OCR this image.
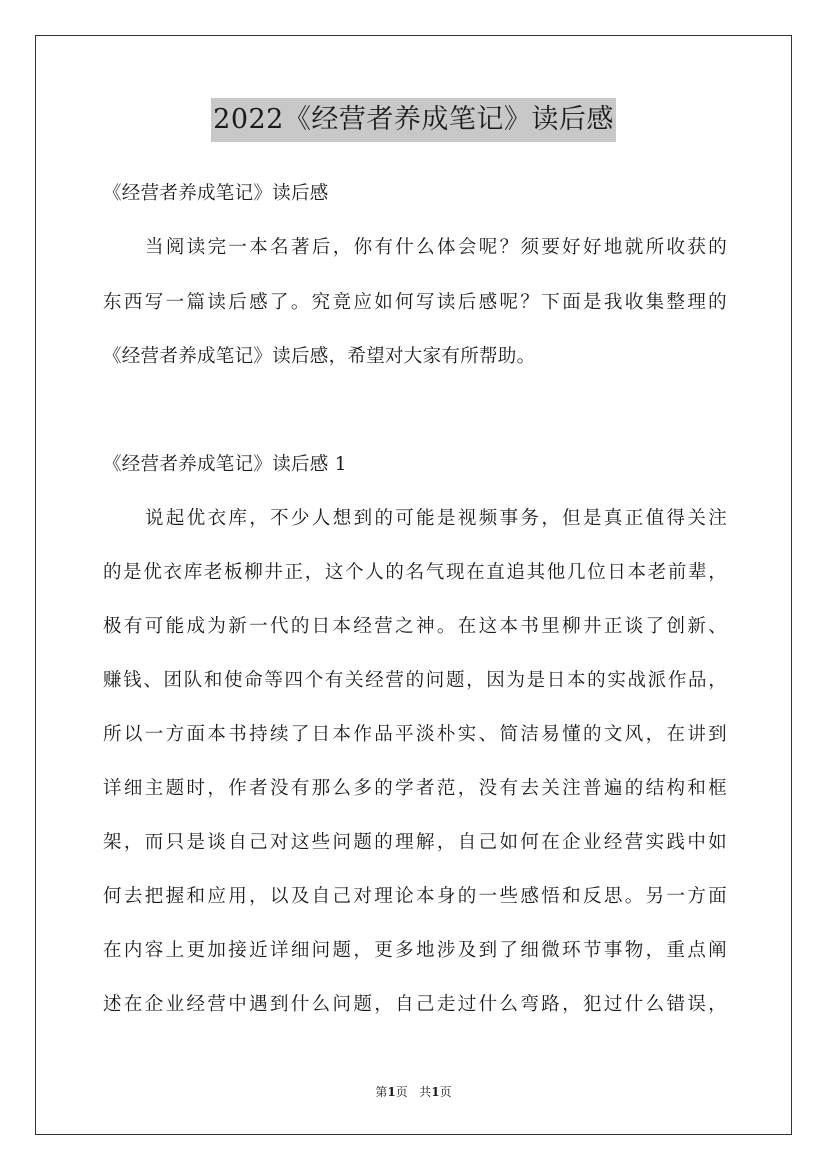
2022《经营者养成笔记》读后感
《经营者养成笔记》读后感
当阅读完一本名著后，你有什么体会呢？须要好好地就所收获的
东西写一篇读后感了。究竟应如何写读后感呢？下面是我收集整理的
《经营者养成笔记》读后感，希望对大家有所帮助。
《经营者养成笔记》读后感 1
说起优衣库，不少人想到的可能是视频事务，但是真正值得关注
的是优衣库老板柳井正，这个人的名气现在直追其他几位日本老前辈，
极有可能成为新一代的日本经营之神。在这本书里柳井正谈了创新、
赚钱、团队和使命等四个有关经营的问题，因为是日本的实战派作品，
所以一方面本书持续了日本作品平淡朴实、简洁易懂的文风，在讲到
详细主题时，作者没有那么多的学者范，没有去关注普遍的结构和框
架，而只是谈自己对这些问题的理解，自己如何在企业经营实践中如
何去把握和应用，以及自己对理论本身的一些感悟和反思。另一方面
在内容上更加接近详细问题，更多地涉及到了细微环节事物，重点阐
述在企业经营中遇到什么问题，自己走过什么弯路，犯过什么错误，
第1页 共1页
